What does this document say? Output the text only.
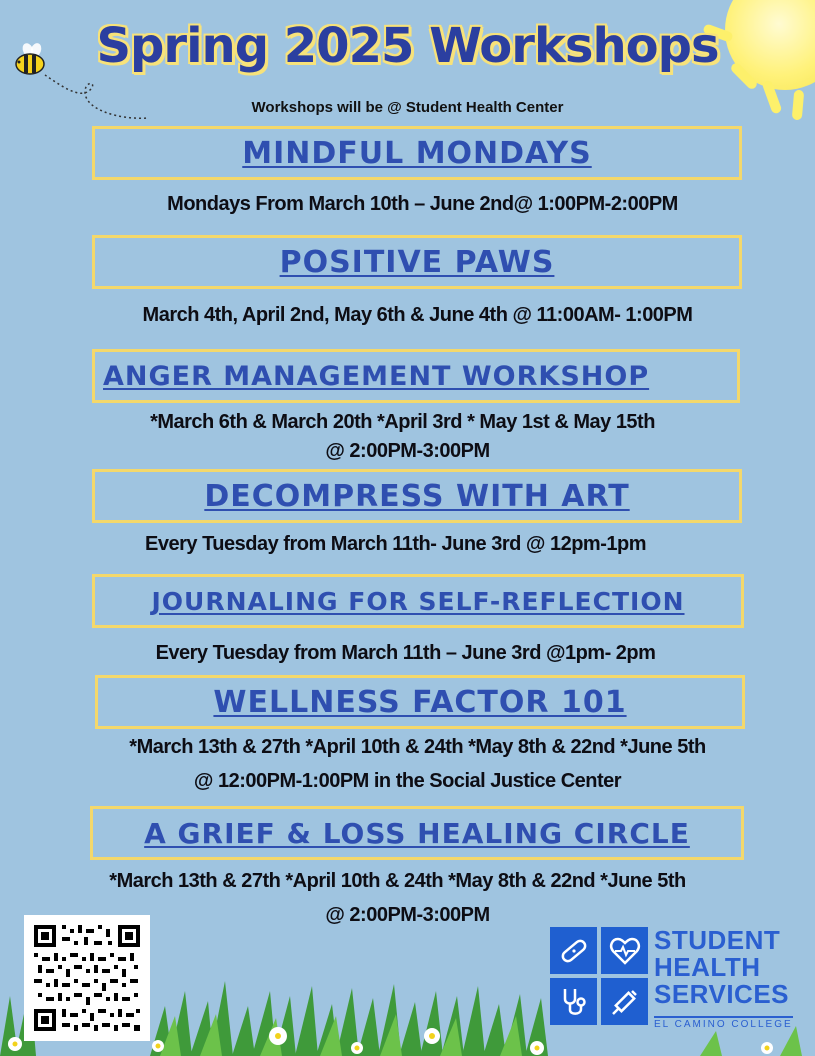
Spring 2025 Workshops
Workshops will be @ Student Health Center
MINDFUL MONDAYS
Mondays From March 10th – June 2nd@ 1:00PM-2:00PM
POSITIVE PAWS
March 4th, April 2nd, May 6th & June 4th @ 11:00AM- 1:00PM
ANGER MANAGEMENT WORKSHOP
*March 6th & March 20th *April 3rd * May 1st & May 15th
@ 2:00PM-3:00PM
DECOMPRESS WITH ART
Every Tuesday from March 11th- June 3rd @ 12pm-1pm
JOURNALING FOR SELF-REFLECTION
Every Tuesday from March 11th – June 3rd @1pm- 2pm
WELLNESS FACTOR 101
*March 13th & 27th *April 10th & 24th *May 8th & 22nd *June 5th
@ 12:00PM-1:00PM in the Social Justice Center
A GRIEF & LOSS HEALING CIRCLE
*March 13th & 27th *April 10th & 24th *May 8th & 22nd *June 5th
@ 2:00PM-3:00PM
STUDENT
HEALTH
SERVICES
EL CAMINO COLLEGE
